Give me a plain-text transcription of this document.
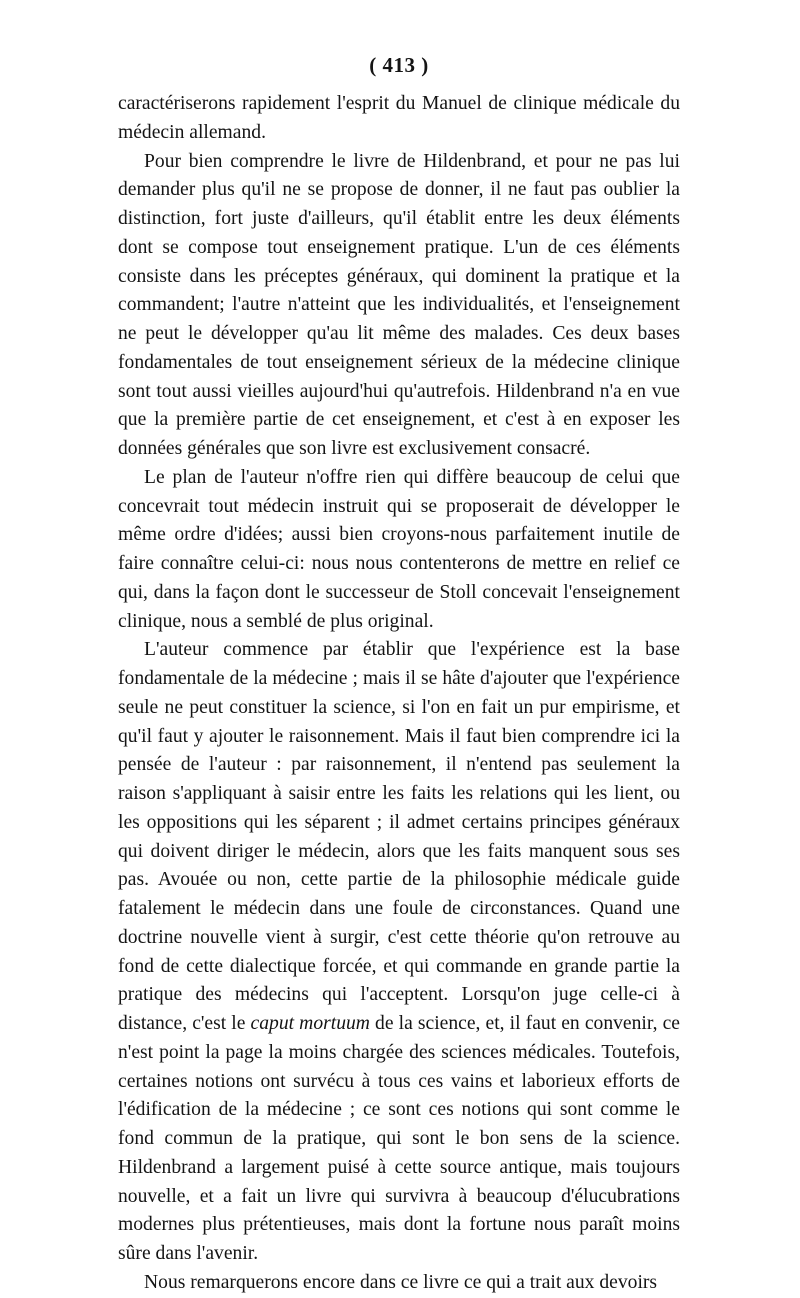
( 413 )

caractériserons rapidement l'esprit du Manuel de clinique médicale du médecin allemand.

Pour bien comprendre le livre de Hildenbrand, et pour ne pas lui demander plus qu'il ne se propose de donner, il ne faut pas oublier la distinction, fort juste d'ailleurs, qu'il établit entre les deux éléments dont se compose tout enseignement pratique. L'un de ces éléments consiste dans les préceptes généraux, qui dominent la pratique et la commandent; l'autre n'atteint que les individualités, et l'enseignement ne peut le développer qu'au lit même des malades. Ces deux bases fondamentales de tout enseignement sérieux de la médecine clinique sont tout aussi vieilles aujourd'hui qu'autrefois. Hildenbrand n'a en vue que la première partie de cet enseignement, et c'est à en exposer les données générales que son livre est exclusivement consacré.

Le plan de l'auteur n'offre rien qui diffère beaucoup de celui que concevrait tout médecin instruit qui se proposerait de développer le même ordre d'idées; aussi bien croyons-nous parfaitement inutile de faire connaître celui-ci: nous nous contenterons de mettre en relief ce qui, dans la façon dont le successeur de Stoll concevait l'enseignement clinique, nous a semblé de plus original.

L'auteur commence par établir que l'expérience est la base fondamentale de la médecine ; mais il se hâte d'ajouter que l'expérience seule ne peut constituer la science, si l'on en fait un pur empirisme, et qu'il faut y ajouter le raisonnement. Mais il faut bien comprendre ici la pensée de l'auteur : par raisonnement, il n'entend pas seulement la raison s'appliquant à saisir entre les faits les relations qui les lient, ou les oppositions qui les séparent ; il admet certains principes généraux qui doivent diriger le médecin, alors que les faits manquent sous ses pas. Avouée ou non, cette partie de la philosophie médicale guide fatalement le médecin dans une foule de circonstances. Quand une doctrine nouvelle vient à surgir, c'est cette théorie qu'on retrouve au fond de cette dialectique forcée, et qui commande en grande partie la pratique des médecins qui l'acceptent. Lorsqu'on juge celle-ci à distance, c'est le caput mortuum de la science, et, il faut en convenir, ce n'est point la page la moins chargée des sciences médicales. Toutefois, certaines notions ont survécu à tous ces vains et laborieux efforts de l'édification de la médecine ; ce sont ces notions qui sont comme le fond commun de la pratique, qui sont le bon sens de la science. Hildenbrand a largement puisé à cette source antique, mais toujours nouvelle, et a fait un livre qui survivra à beaucoup d'élucubrations modernes plus prétentieuses, mais dont la fortune nous paraît moins sûre dans l'avenir.

Nous remarquerons encore dans ce livre ce qui a trait aux devoirs
